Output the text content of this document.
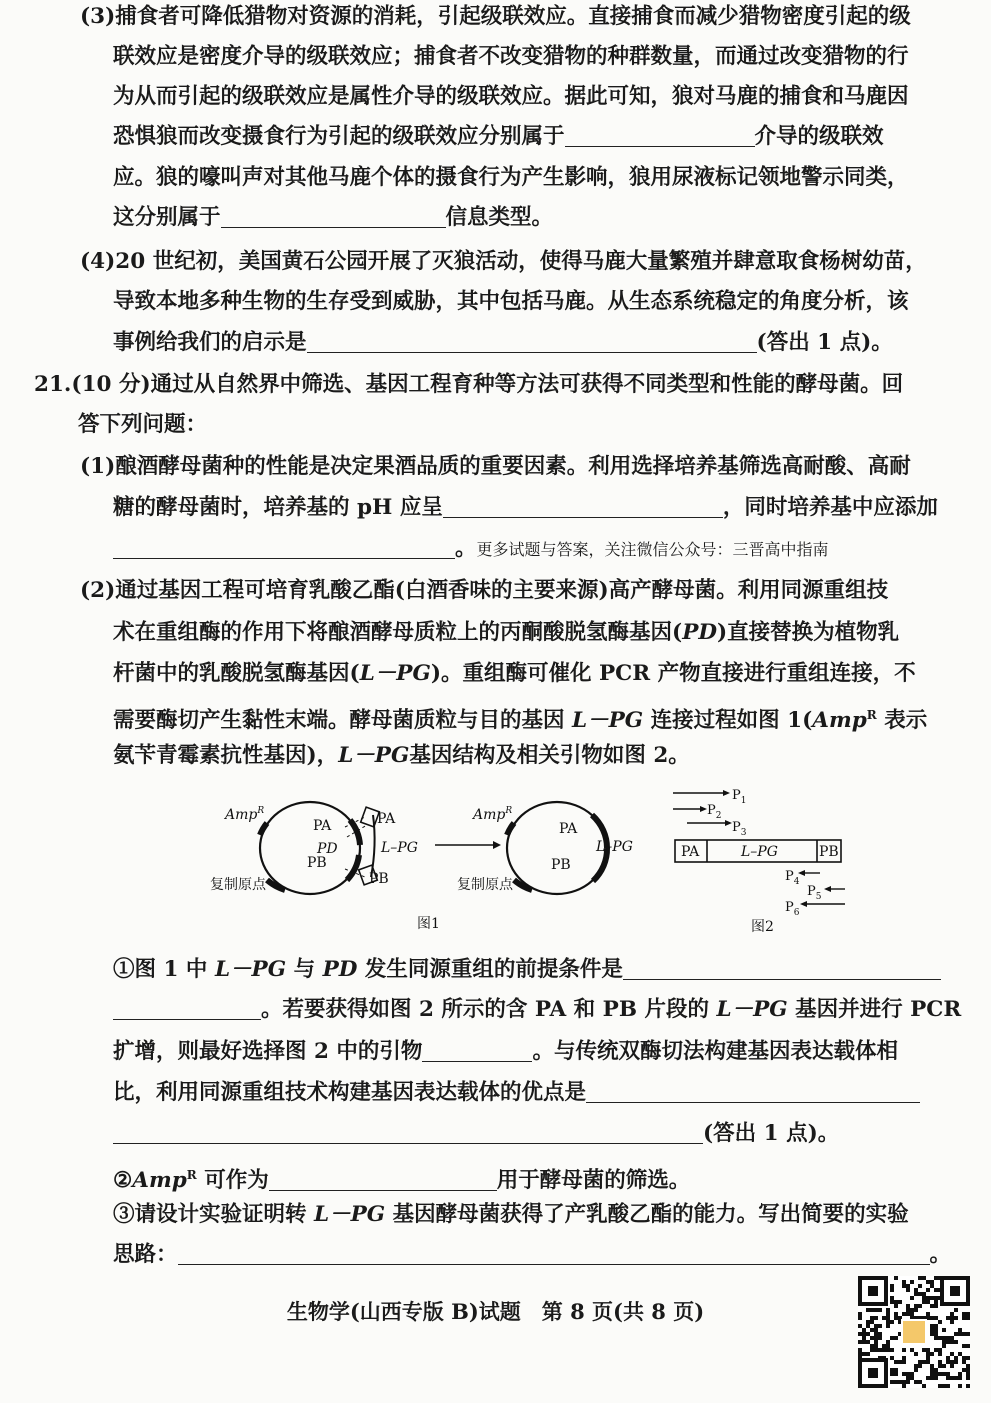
(3)捕食者可降低猎物对资源的消耗，引起级联效应。直接捕食而减少猎物密度引起的级
联效应是密度介导的级联效应；捕食者不改变猎物的种群数量，而通过改变猎物的行
为从而引起的级联效应是属性介导的级联效应。据此可知，狼对马鹿的捕食和马鹿因
恐惧狼而改变摄食行为引起的级联效应分别属于	介导的级联效
应。狼的嚎叫声对其他马鹿个体的摄食行为产生影响，狼用尿液标记领地警示同类，
这分别属于	信息类型。
(4)20 世纪初，美国黄石公园开展了灭狼活动，使得马鹿大量繁殖并肆意取食杨树幼苗，
导致本地多种生物的生存受到威胁，其中包括马鹿。从生态系统稳定的角度分析，该
事例给我们的启示是	(答出 1 点)。
21.(10 分)通过从自然界中筛选、基因工程育种等方法可获得不同类型和性能的酵母菌。回
答下列问题：
(1)酿酒酵母菌种的性能是决定果酒品质的重要因素。利用选择培养基筛选高耐酸、高耐
糖的酵母菌时，培养基的 pH 应呈	，同时培养基中应添加
。更多试题与答案，关注微信公众号：三晋高中指南
(2)通过基因工程可培育乳酸乙酯(白酒香味的主要来源)高产酵母菌。利用同源重组技
术在重组酶的作用下将酿酒酵母质粒上的丙酮酸脱氢酶基因(PD)直接替换为植物乳
杆菌中的乳酸脱氢酶基因(L－PG)。重组酶可催化 PCR 产物直接进行重组连接，不
需要酶切产生黏性末端。酵母菌质粒与目的基因 L－PG 连接过程如图 1(Amp$^R$ 表示
氨苄青霉素抗性基因)，L－PG基因结构及相关引物如图 2。
Amp$^R$
PA
PD
PB
复制原点
PA
L–PG
PB
Amp$^R$
PA
PB
L–PG
复制原点
图1
$P_1$
$P_2$
$P_3$
PA	L–PG	PB
$P_4$
$P_5$
$P_6$
图2
①图 1 中 L－PG 与 PD 发生同源重组的前提条件是
。若要获得如图 2 所示的含 PA 和 PB 片段的 L－PG 基因并进行 PCR
扩增，则最好选择图 2 中的引物	。与传统双酶切法构建基因表达载体相
比，利用同源重组技术构建基因表达载体的优点是
(答出 1 点)。
②Amp$^R$ 可作为	用于酵母菌的筛选。
③请设计实验证明转 L－PG 基因酵母菌获得了产乳酸乙酯的能力。写出简要的实验
思路：	。
生物学(山西专版 B)试题　第 8 页(共 8 页)
